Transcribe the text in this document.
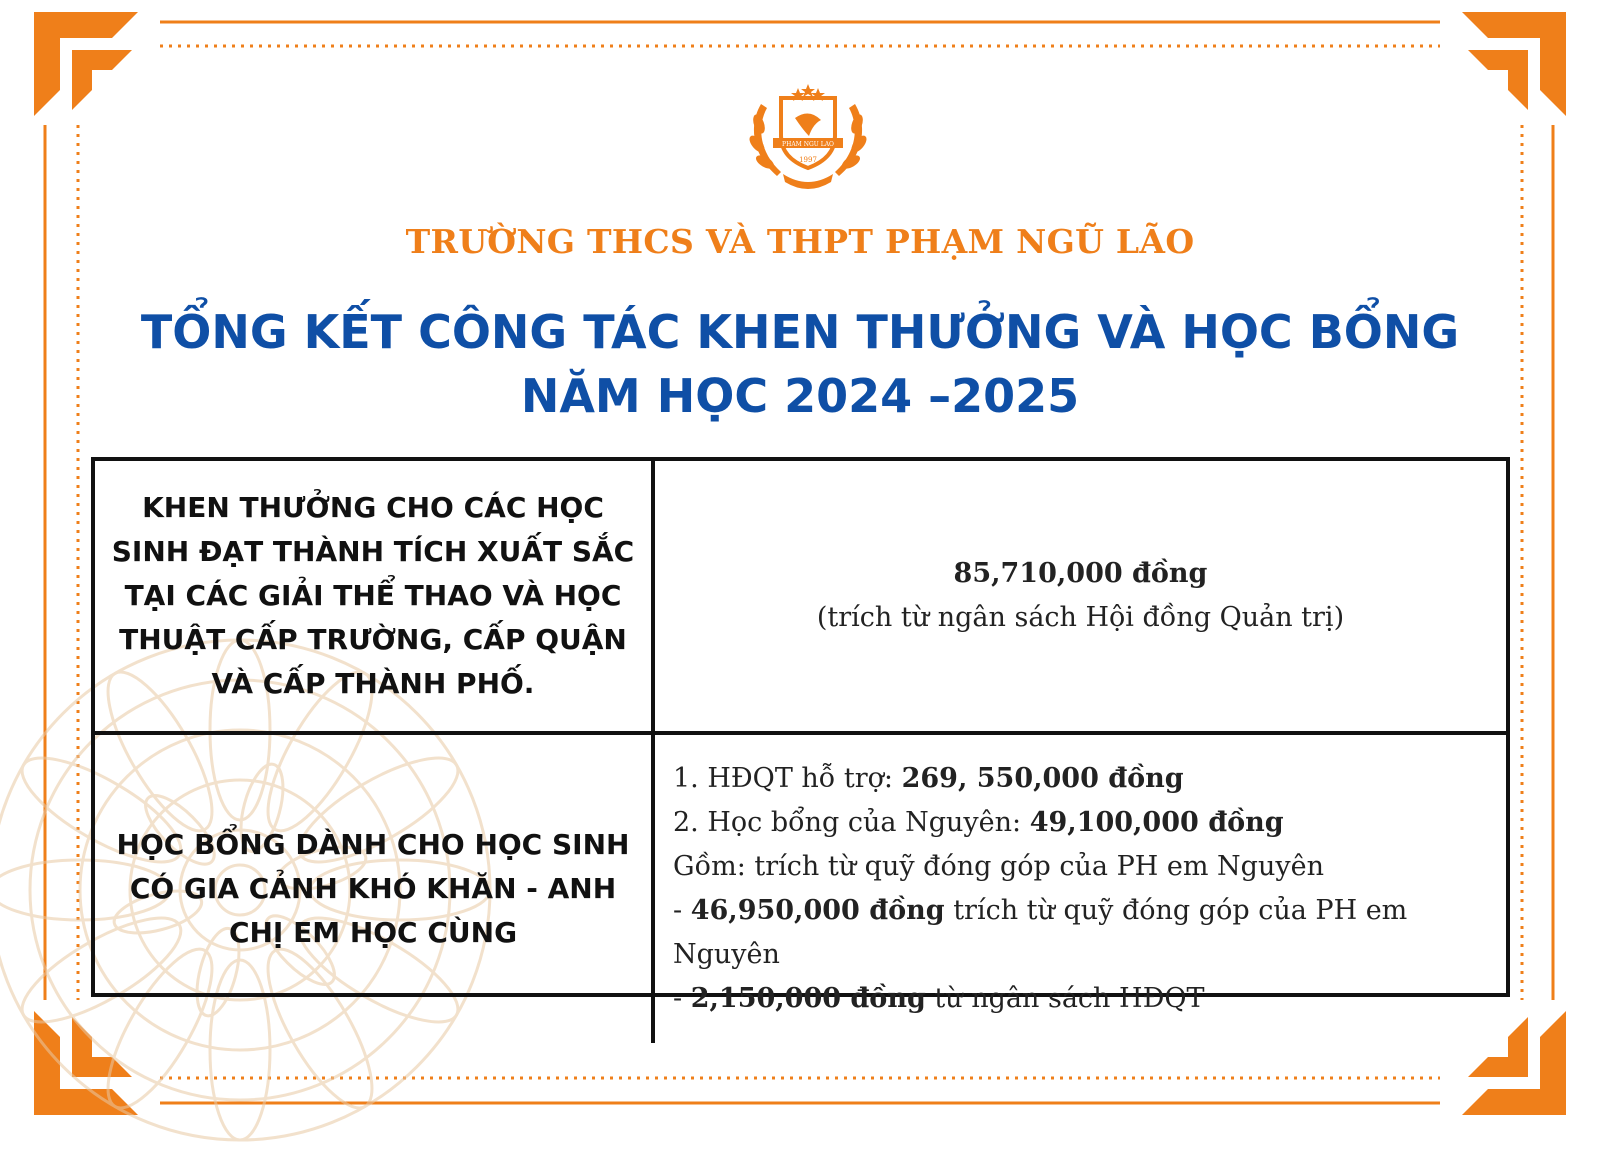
PHAM NGU LAO
1997
TRƯỜNG THCS VÀ THPT PHẠM NGŨ LÃO
TỔNG KẾT CÔNG TÁC KHEN THƯỞNG VÀ HỌC BỔNG
NĂM HỌC 2024 –2025
KHEN THƯỞNG CHO CÁC HỌC SINH ĐẠT THÀNH TÍCH XUẤT SẮC TẠI CÁC GIẢI THỂ THAO VÀ HỌC THUẬT CẤP TRƯỜNG, CẤP QUẬN VÀ CẤP THÀNH PHỐ.
85,710,000 đồng
(trích từ ngân sách Hội đồng Quản trị)
HỌC BỔNG DÀNH CHO HỌC SINH CÓ GIA CẢNH KHÓ KHĂN - ANH CHỊ EM HỌC CÙNG
1. HĐQT hỗ trợ: 269, 550,000 đồng
2. Học bổng của Nguyên: 49,100,000 đồng
Gồm: trích từ quỹ đóng góp của PH em Nguyên
- 46,950,000 đồng trích từ quỹ đóng góp của PH em Nguyên
- 2,150,000 đồng từ ngân sách HĐQT
